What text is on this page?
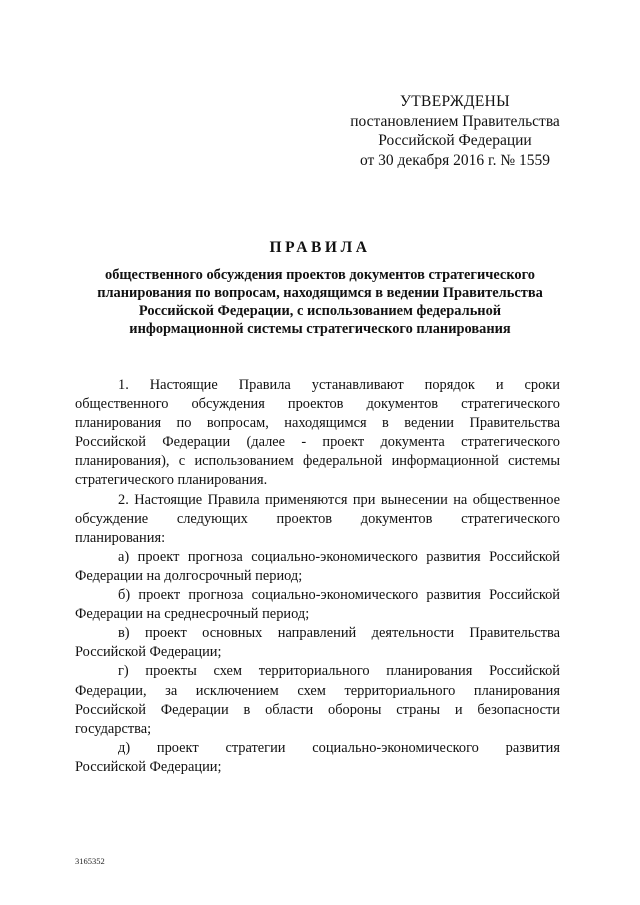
УТВЕРЖДЕНЫ
постановлением Правительства
Российской Федерации
от 30 декабря 2016 г. № 1559
ПРАВИЛА
общественного обсуждения проектов документов стратегического
планирования по вопросам, находящимся в ведении Правительства
Российской Федерации, с использованием федеральной
информационной системы стратегического планирования
1. Настоящие Правила устанавливают порядок и сроки
общественного обсуждения проектов документов стратегического
планирования по вопросам, находящимся в ведении Правительства
Российской Федерации (далее - проект документа стратегического
планирования), с использованием федеральной информационной системы
стратегического планирования.
2. Настоящие Правила применяются при вынесении на общественное
обсуждение следующих проектов документов стратегического
планирования:
а) проект прогноза социально-экономического развития Российской
Федерации на долгосрочный период;
б) проект прогноза социально-экономического развития Российской
Федерации на среднесрочный период;
в) проект основных направлений деятельности Правительства
Российской Федерации;
г) проекты схем территориального планирования Российской
Федерации, за исключением схем территориального планирования
Российской Федерации в области обороны страны и безопасности
государства;
д) проект стратегии социально-экономического развития
Российской Федерации;
3165352
